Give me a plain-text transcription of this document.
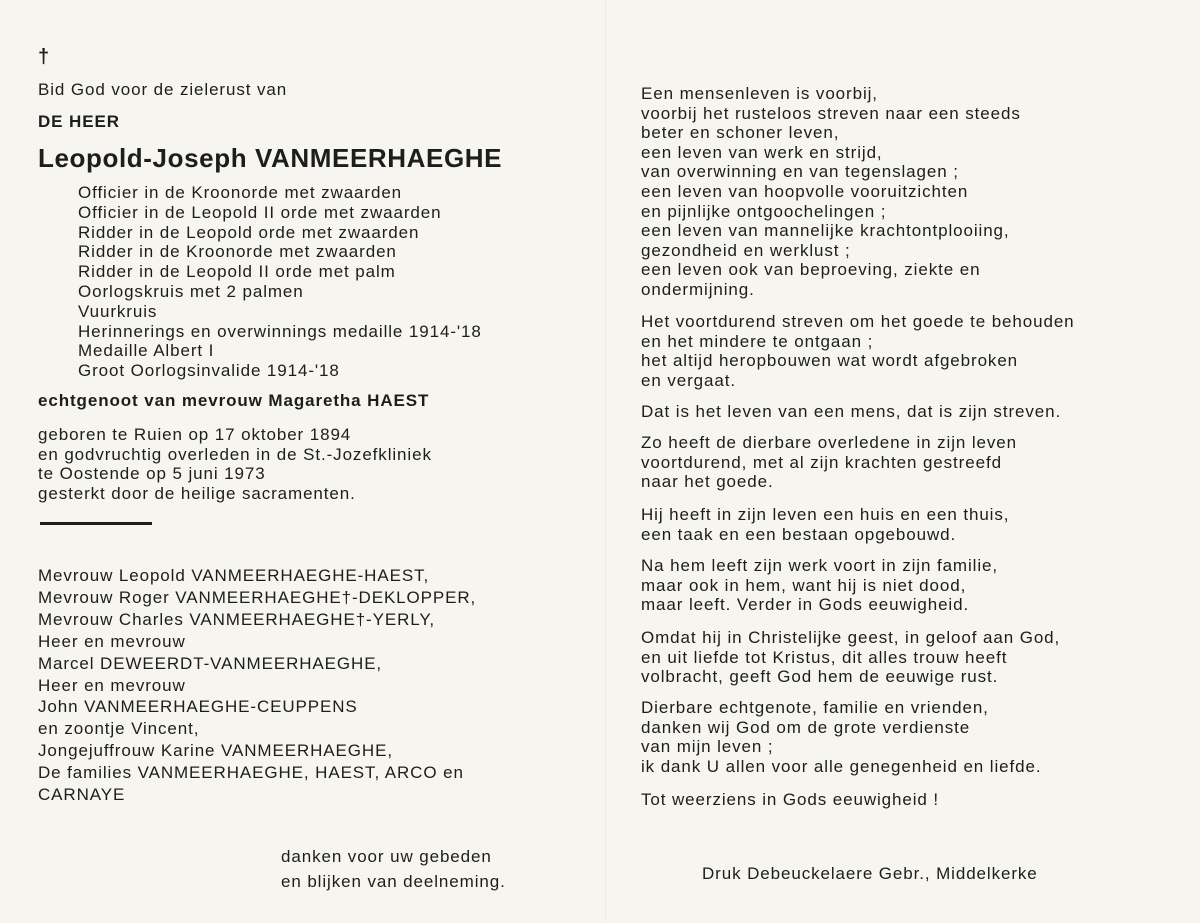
†
Bid God voor de zielerust van
DE HEER
Leopold-Joseph VANMEERHAEGHE
Officier in de Kroonorde met zwaarden
Officier in de Leopold II orde met zwaarden
Ridder in de Leopold orde met zwaarden
Ridder in de Kroonorde met zwaarden
Ridder in de Leopold II orde met palm
Oorlogskruis met 2 palmen
Vuurkruis
Herinnerings en overwinnings medaille 1914-'18
Medaille Albert I
Groot Oorlogsinvalide 1914-'18
echtgenoot van mevrouw Magaretha HAEST
geboren te Ruien op 17 oktober 1894
en godvruchtig overleden in de St.-Jozefkliniek
te Oostende op 5 juni 1973
gesterkt door de heilige sacramenten.
Mevrouw Leopold VANMEERHAEGHE-HAEST,
Mevrouw Roger VANMEERHAEGHE†-DEKLOPPER,
Mevrouw Charles VANMEERHAEGHE†-YERLY,
Heer en mevrouw
Marcel DEWEERDT-VANMEERHAEGHE,
Heer en mevrouw
John VANMEERHAEGHE-CEUPPENS
en zoontje Vincent,
Jongejuffrouw Karine VANMEERHAEGHE,
De families VANMEERHAEGHE, HAEST, ARCO en
CARNAYE
danken voor uw gebeden
en blijken van deelneming.
Een mensenleven is voorbij,
voorbij het rusteloos streven naar een steeds
beter en schoner leven,
een leven van werk en strijd,
van overwinning en van tegenslagen ;
een leven van hoopvolle vooruitzichten
en pijnlijke ontgoochelingen ;
een leven van mannelijke krachtontplooiing,
gezondheid en werklust ;
een leven ook van beproeving, ziekte en
ondermijning.
Het voortdurend streven om het goede te behouden
en het mindere te ontgaan ;
het altijd heropbouwen wat wordt afgebroken
en vergaat.
Dat is het leven van een mens, dat is zijn streven.
Zo heeft de dierbare overledene in zijn leven
voortdurend, met al zijn krachten gestreefd
naar het goede.
Hij heeft in zijn leven een huis en een thuis,
een taak en een bestaan opgebouwd.
Na hem leeft zijn werk voort in zijn familie,
maar ook in hem, want hij is niet dood,
maar leeft. Verder in Gods eeuwigheid.
Omdat hij in Christelijke geest, in geloof aan God,
en uit liefde tot Kristus, dit alles trouw heeft
volbracht, geeft God hem de eeuwige rust.
Dierbare echtgenote, familie en vrienden,
danken wij God om de grote verdienste
van mijn leven ;
ik dank U allen voor alle genegenheid en liefde.
Tot weerziens in Gods eeuwigheid !
Druk Debeuckelaere Gebr., Middelkerke
